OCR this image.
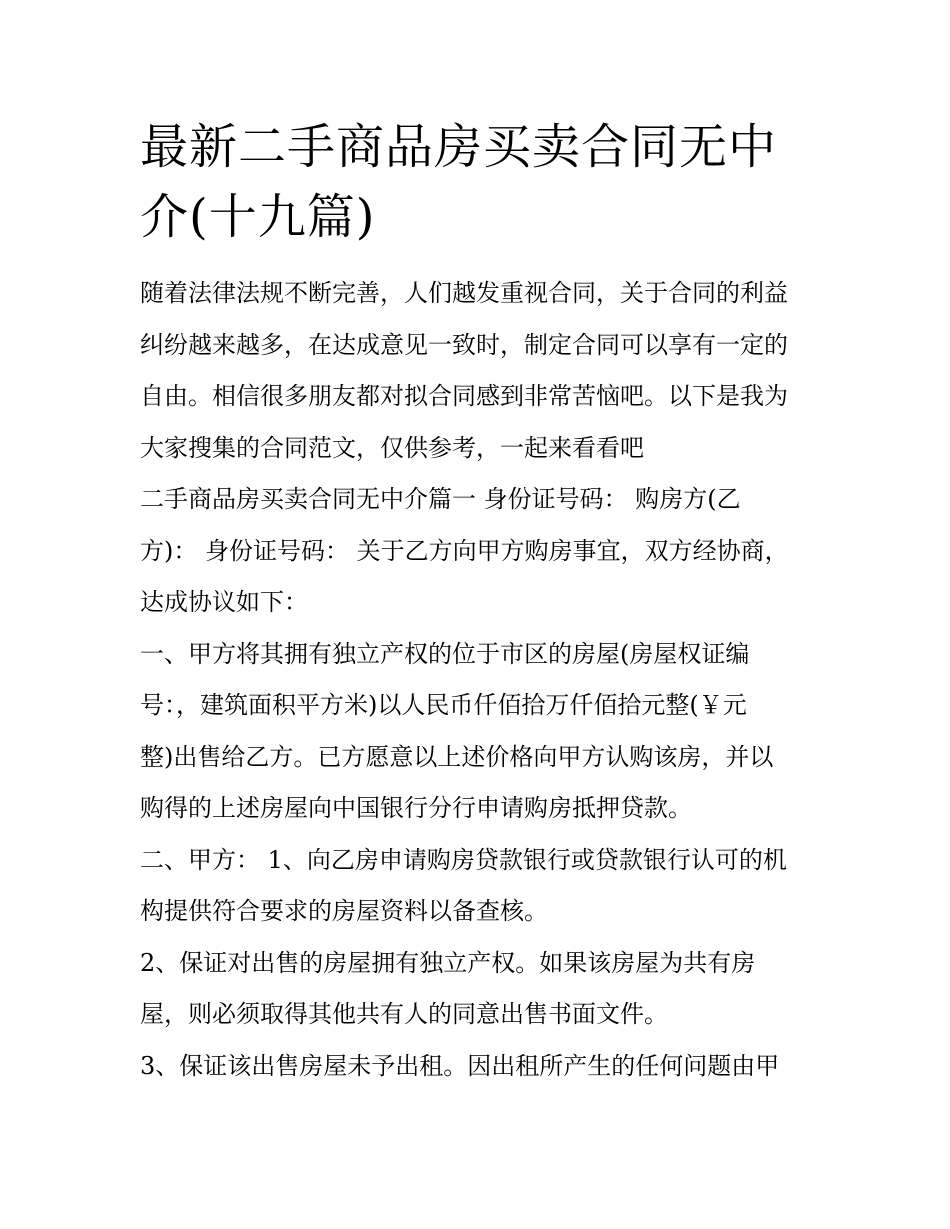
最新二手商品房买卖合同无中
介(十九篇)

随着法律法规不断完善，人们越发重视合同，关于合同的利益
纠纷越来越多，在达成意见一致时，制定合同可以享有一定的
自由。相信很多朋友都对拟合同感到非常苦恼吧。以下是我为
大家搜集的合同范文，仅供参考，一起来看看吧

二手商品房买卖合同无中介篇一 身份证号码： 购房方(乙
方)： 身份证号码： 关于乙方向甲方购房事宜，双方经协商，
达成协议如下：

一、甲方将其拥有独立产权的位于市区的房屋(房屋权证编
号：，建筑面积平方米)以人民币仟佰拾万仟佰拾元整(￥元
整)出售给乙方。已方愿意以上述价格向甲方认购该房，并以
购得的上述房屋向中国银行分行申请购房抵押贷款。

二、甲方： 1、向乙房申请购房贷款银行或贷款银行认可的机
构提供符合要求的房屋资料以备查核。

2、保证对出售的房屋拥有独立产权。如果该房屋为共有房
屋，则必须取得其他共有人的同意出售书面文件。

3、保证该出售房屋未予出租。因出租所产生的任何问题由甲
